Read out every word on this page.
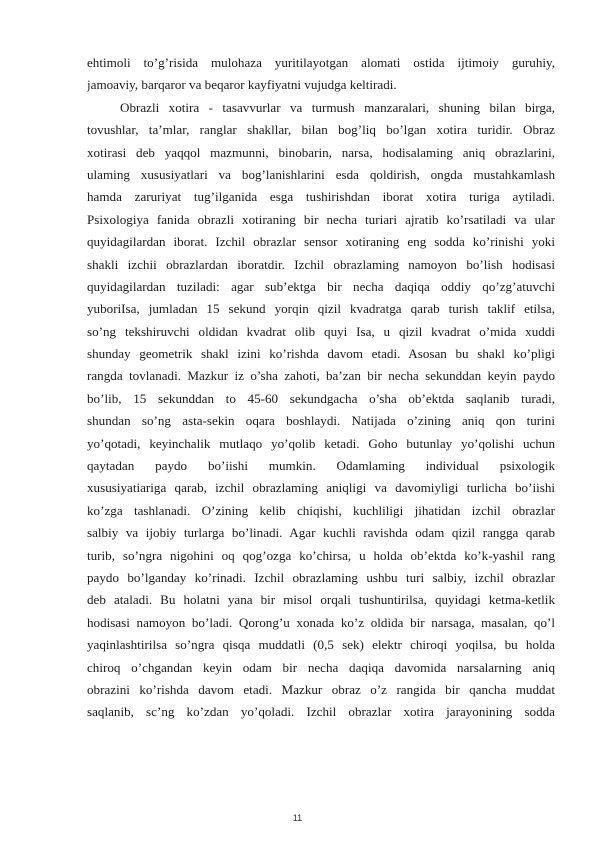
ehtimoli to’g’risida mulohaza yuritilayotgan alomati ostida ijtimoiy guruhiy,
jamoaviy, barqaror va beqaror kayfiyatni vujudga keltiradi.
Obrazli xotira - tasavvurlar va turmush manzaralari, shuning bilan birga,
tovushlar, ta’mlar, ranglar shakllar, bilan bog’liq bo’lgan xotira turidir. Obraz
xotirasi deb yaqqol mazmunni, binobarin, narsa, hodisalaming aniq obrazlarini,
ulaming xususiyatlari va bog’lanishlarini esda qoldirish, ongda mustahkamlash
hamda zaruriyat tug’ilganida esga tushirishdan iborat xotira turiga aytiladi.
Psixologiya fanida obrazli xotiraning bir necha turiari ajratib ko’rsatiladi va ular
quyidagilardan iborat. Izchil obrazlar sensor xotiraning eng sodda ko’rinishi yoki
shakli izchii obrazlardan iboratdir. Izchil obrazlaming namoyon bo’lish hodisasi
quyidagilardan tuziladi: agar sub’ektga bir necha daqiqa oddiy qo’zg’atuvchi
yuboriIsa, jumladan 15 sekund yorqin qizil kvadratga qarab turish taklif etilsa,
so’ng tekshiruvchi oldidan kvadrat olib quyi Isa, u qizil kvadrat o’mida xuddi
shunday geometrik shakl izini ko’rishda davom etadi. Asosan bu shakl ko’pligi
rangda tovlanadi. Mazkur iz o’sha zahoti, ba’zan bir necha sekunddan keyin paydo
bo’lib, 15 sekunddan to 45-60 sekundgacha o’sha ob’ektda saqlanib turadi,
shundan so’ng asta-sekin oqara boshlaydi. Natijada o’zining aniq qon turini
yo’qotadi, keyinchalik mutlaqo yo’qolib ketadi. Goho butunlay yo’qolishi uchun
qaytadan paydo bo’iishi mumkin. Odamlaming individual psixologik
xususiyatiariga qarab, izchil obrazlaming aniqligi va davomiyligi turlicha bo’iishi
ko’zga tashlanadi. O’zining kelib chiqishi, kuchliligi jihatidan izchil obrazlar
salbiy va ijobiy turlarga bo’linadi. Agar kuchli ravishda odam qizil rangga qarab
turib, so’ngra nigohini oq qog’ozga ko’chirsa, u holda ob’ektda ko’k-yashil rang
paydo bo’lganday ko’rinadi. Izchil obrazlaming ushbu turi salbiy, izchil obrazlar
deb ataladi. Bu holatni yana bir misol orqali tushuntirilsa, quyidagi ketma-ketlik
hodisasi namoyon bo’ladi. Qorong’u xonada ko’z oldida bir narsaga, masalan, qo’l
yaqinlashtirilsa so’ngra qisqa muddatli (0,5 sek) elektr chiroqi yoqilsa, bu holda
chiroq o’chgandan keyin odam bir necha daqiqa davomida narsalarning aniq
obrazini ko’rishda davom etadi. Mazkur obraz o’z rangida bir qancha muddat
saqlanib, sc’ng ko’zdan yo’qoladi. Izchil obrazlar xotira jarayonining sodda
11
